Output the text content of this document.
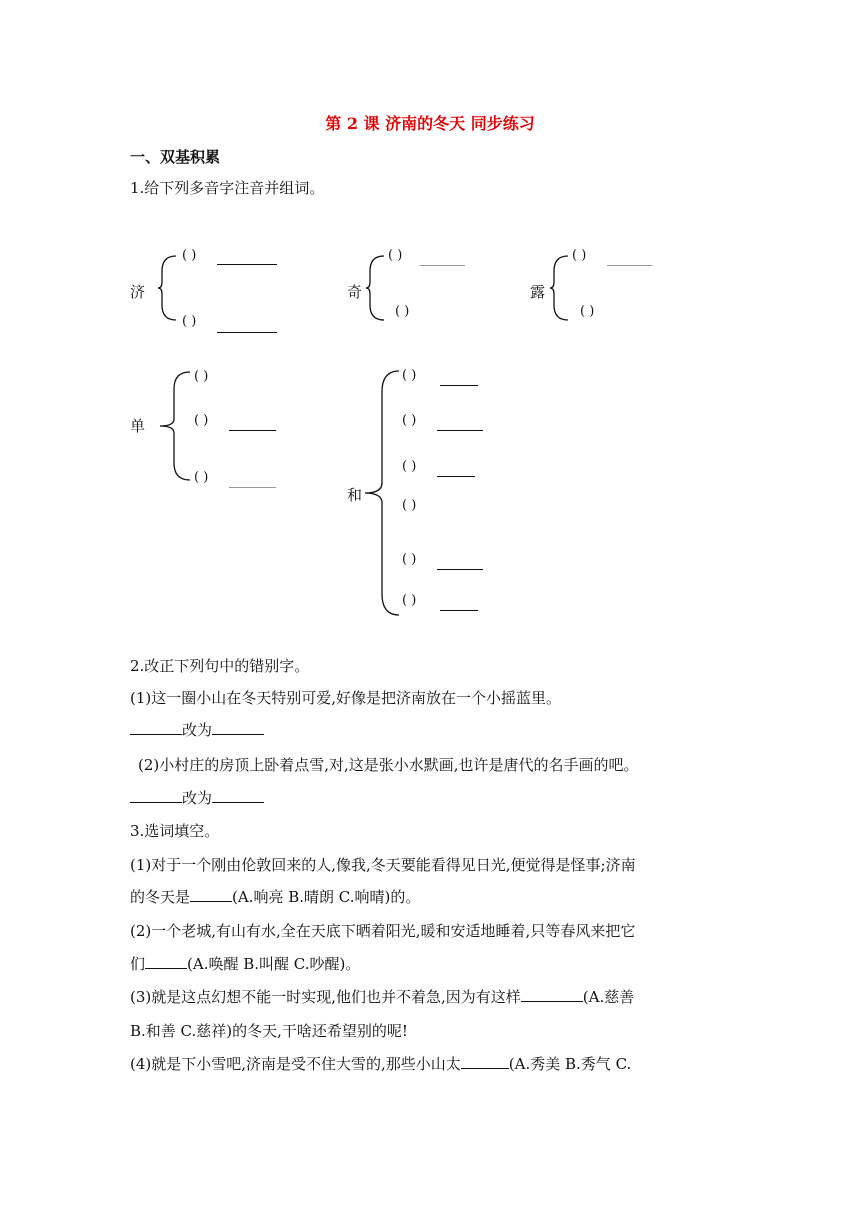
第 2 课 济南的冬天 同步练习
一、双基积累
1.给下列多音字注音并组词。
济
( )
( )
奇
( )
( )
露
( )
( )
单
( )
( )
( )
和
( )
( )
( )
( )
( )
( )
2.改正下列句中的错别字。
(1)这一圈小山在冬天特别可爱,好像是把济南放在一个小摇蓝里。
改为
(2)小村庄的房顶上卧着点雪,对,这是张小水默画,也许是唐代的名手画的吧。
改为
3.选词填空。
(1)对于一个刚由伦敦回来的人,像我,冬天要能看得见日光,便觉得是怪事;济南
的冬天是	(A.响亮 B.晴朗 C.响晴)的。
(2)一个老城,有山有水,全在天底下晒着阳光,暖和安适地睡着,只等春风来把它
们	(A.唤醒 B.叫醒 C.吵醒)。
(3)就是这点幻想不能一时实现,他们也并不着急,因为有这样	(A.慈善
B.和善 C.慈祥)的冬天,干啥还希望别的呢!
(4)就是下小雪吧,济南是受不住大雪的,那些小山太	(A.秀美 B.秀气 C.
